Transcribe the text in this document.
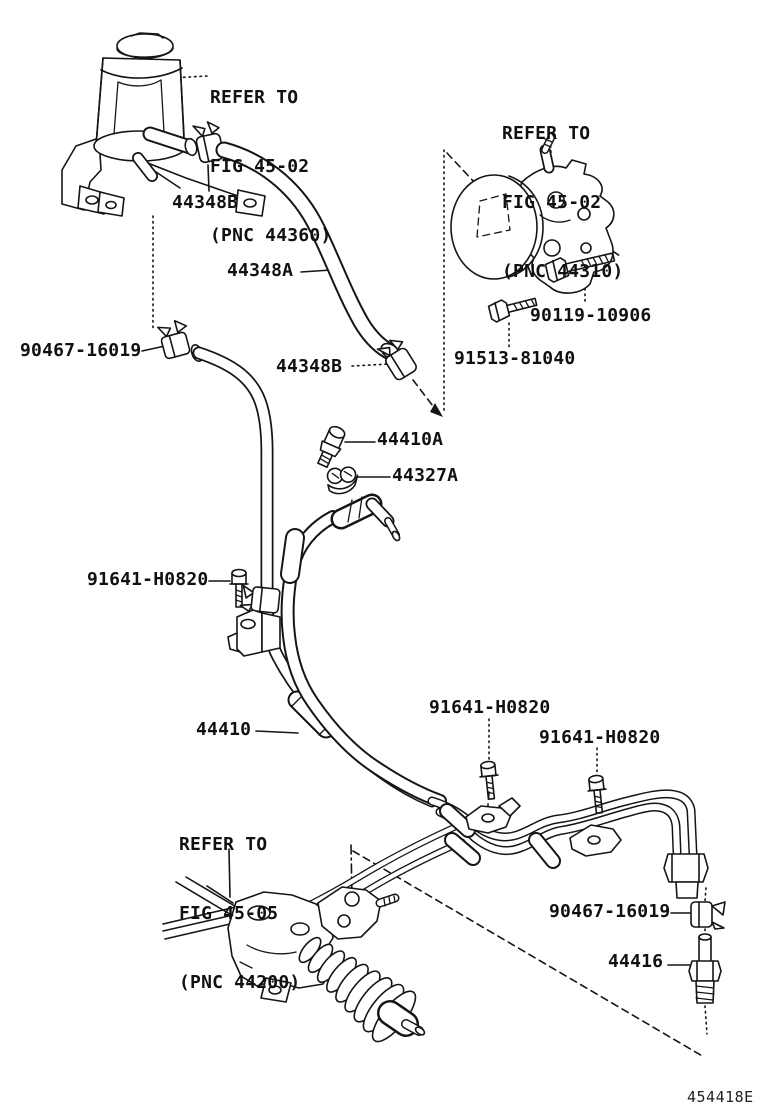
REFER TO

FIG 45-02

(PNC 44360)

REFER TO

FIG 45-02

(PNC 44310)

REFER TO

FIG 45-05

(PNC 44200)

44348B
44348A
90119-10906
91513-81040
90467-16019
44348B
44410A
44327A
91641-H0820
44410
91641-H0820
91641-H0820
90467-16019
44416
454418E
